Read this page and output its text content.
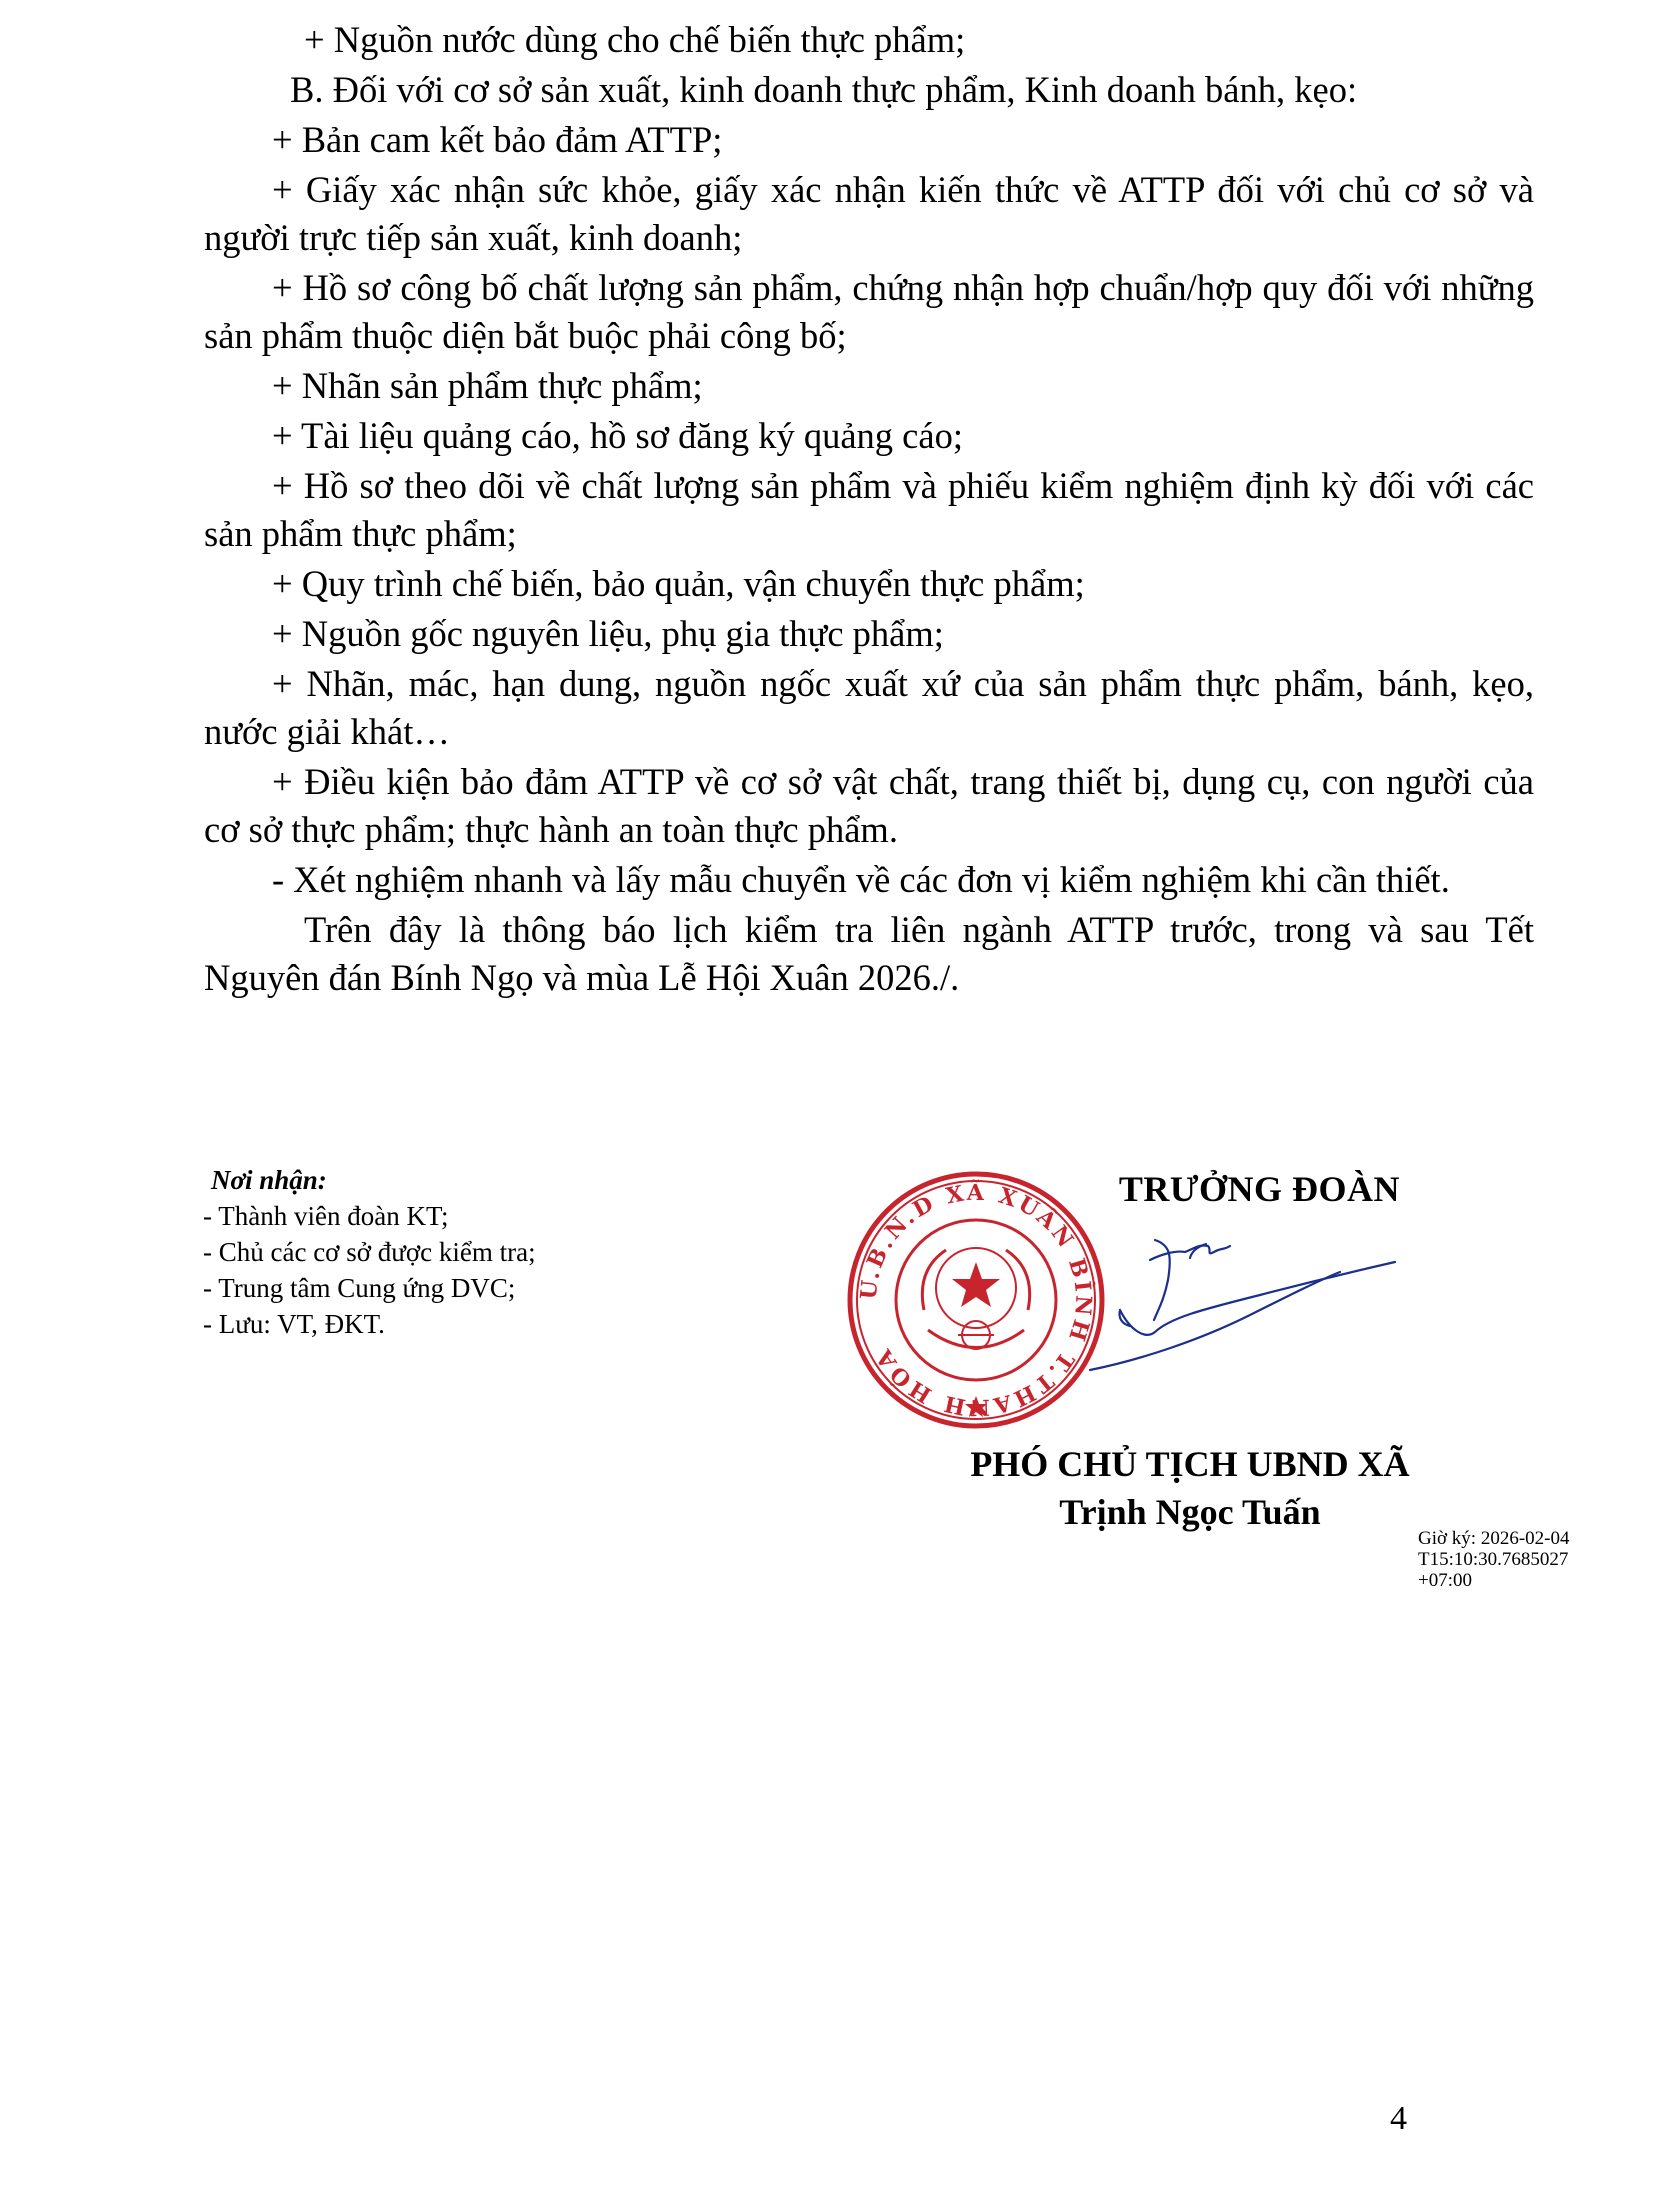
+ Nguồn nước dùng cho chế biến thực phẩm;

B. Đối với cơ sở sản xuất, kinh doanh thực phẩm, Kinh doanh bánh, kẹo:

+ Bản cam kết bảo đảm ATTP;

+ Giấy xác nhận sức khỏe, giấy xác nhận kiến thức về ATTP đối với chủ cơ sở và người trực tiếp sản xuất, kinh doanh;

+ Hồ sơ công bố chất lượng sản phẩm, chứng nhận hợp chuẩn/hợp quy đối với những sản phẩm thuộc diện bắt buộc phải công bố;

+ Nhãn sản phẩm thực phẩm;

+ Tài liệu quảng cáo, hồ sơ đăng ký quảng cáo;

+ Hồ sơ theo dõi về chất lượng sản phẩm và phiếu kiểm nghiệm định kỳ đối với các sản phẩm thực phẩm;

+ Quy trình chế biến, bảo quản, vận chuyển thực phẩm;

+ Nguồn gốc nguyên liệu, phụ gia thực phẩm;

+ Nhãn, mác, hạn dung, nguồn ngốc xuất xứ của sản phẩm thực phẩm, bánh, kẹo, nước giải khát…

+ Điều kiện bảo đảm ATTP về cơ sở vật chất, trang thiết bị, dụng cụ, con người của cơ sở thực phẩm; thực hành an toàn thực phẩm.

- Xét nghiệm nhanh và lấy mẫu chuyển về các đơn vị kiểm nghiệm khi cần thiết.

Trên đây là thông báo lịch kiểm tra liên ngành ATTP trước, trong và sau Tết Nguyên đán Bính Ngọ và mùa Lễ Hội Xuân 2026./.

Nơi nhận:
- Thành viên đoàn KT;
- Chủ các cơ sở được kiểm tra;
- Trung tâm Cung ứng DVC;
- Lưu: VT, ĐKT.
U.B.N.D XÃ XUÂN BÌNH T.THANH HÓA
TRƯỞNG ĐOÀN
PHÓ CHỦ TỊCH UBND XÃ
Trịnh Ngọc Tuấn
Giờ ký: 2026-02-04T15:10:30.7685027+07:00
4
